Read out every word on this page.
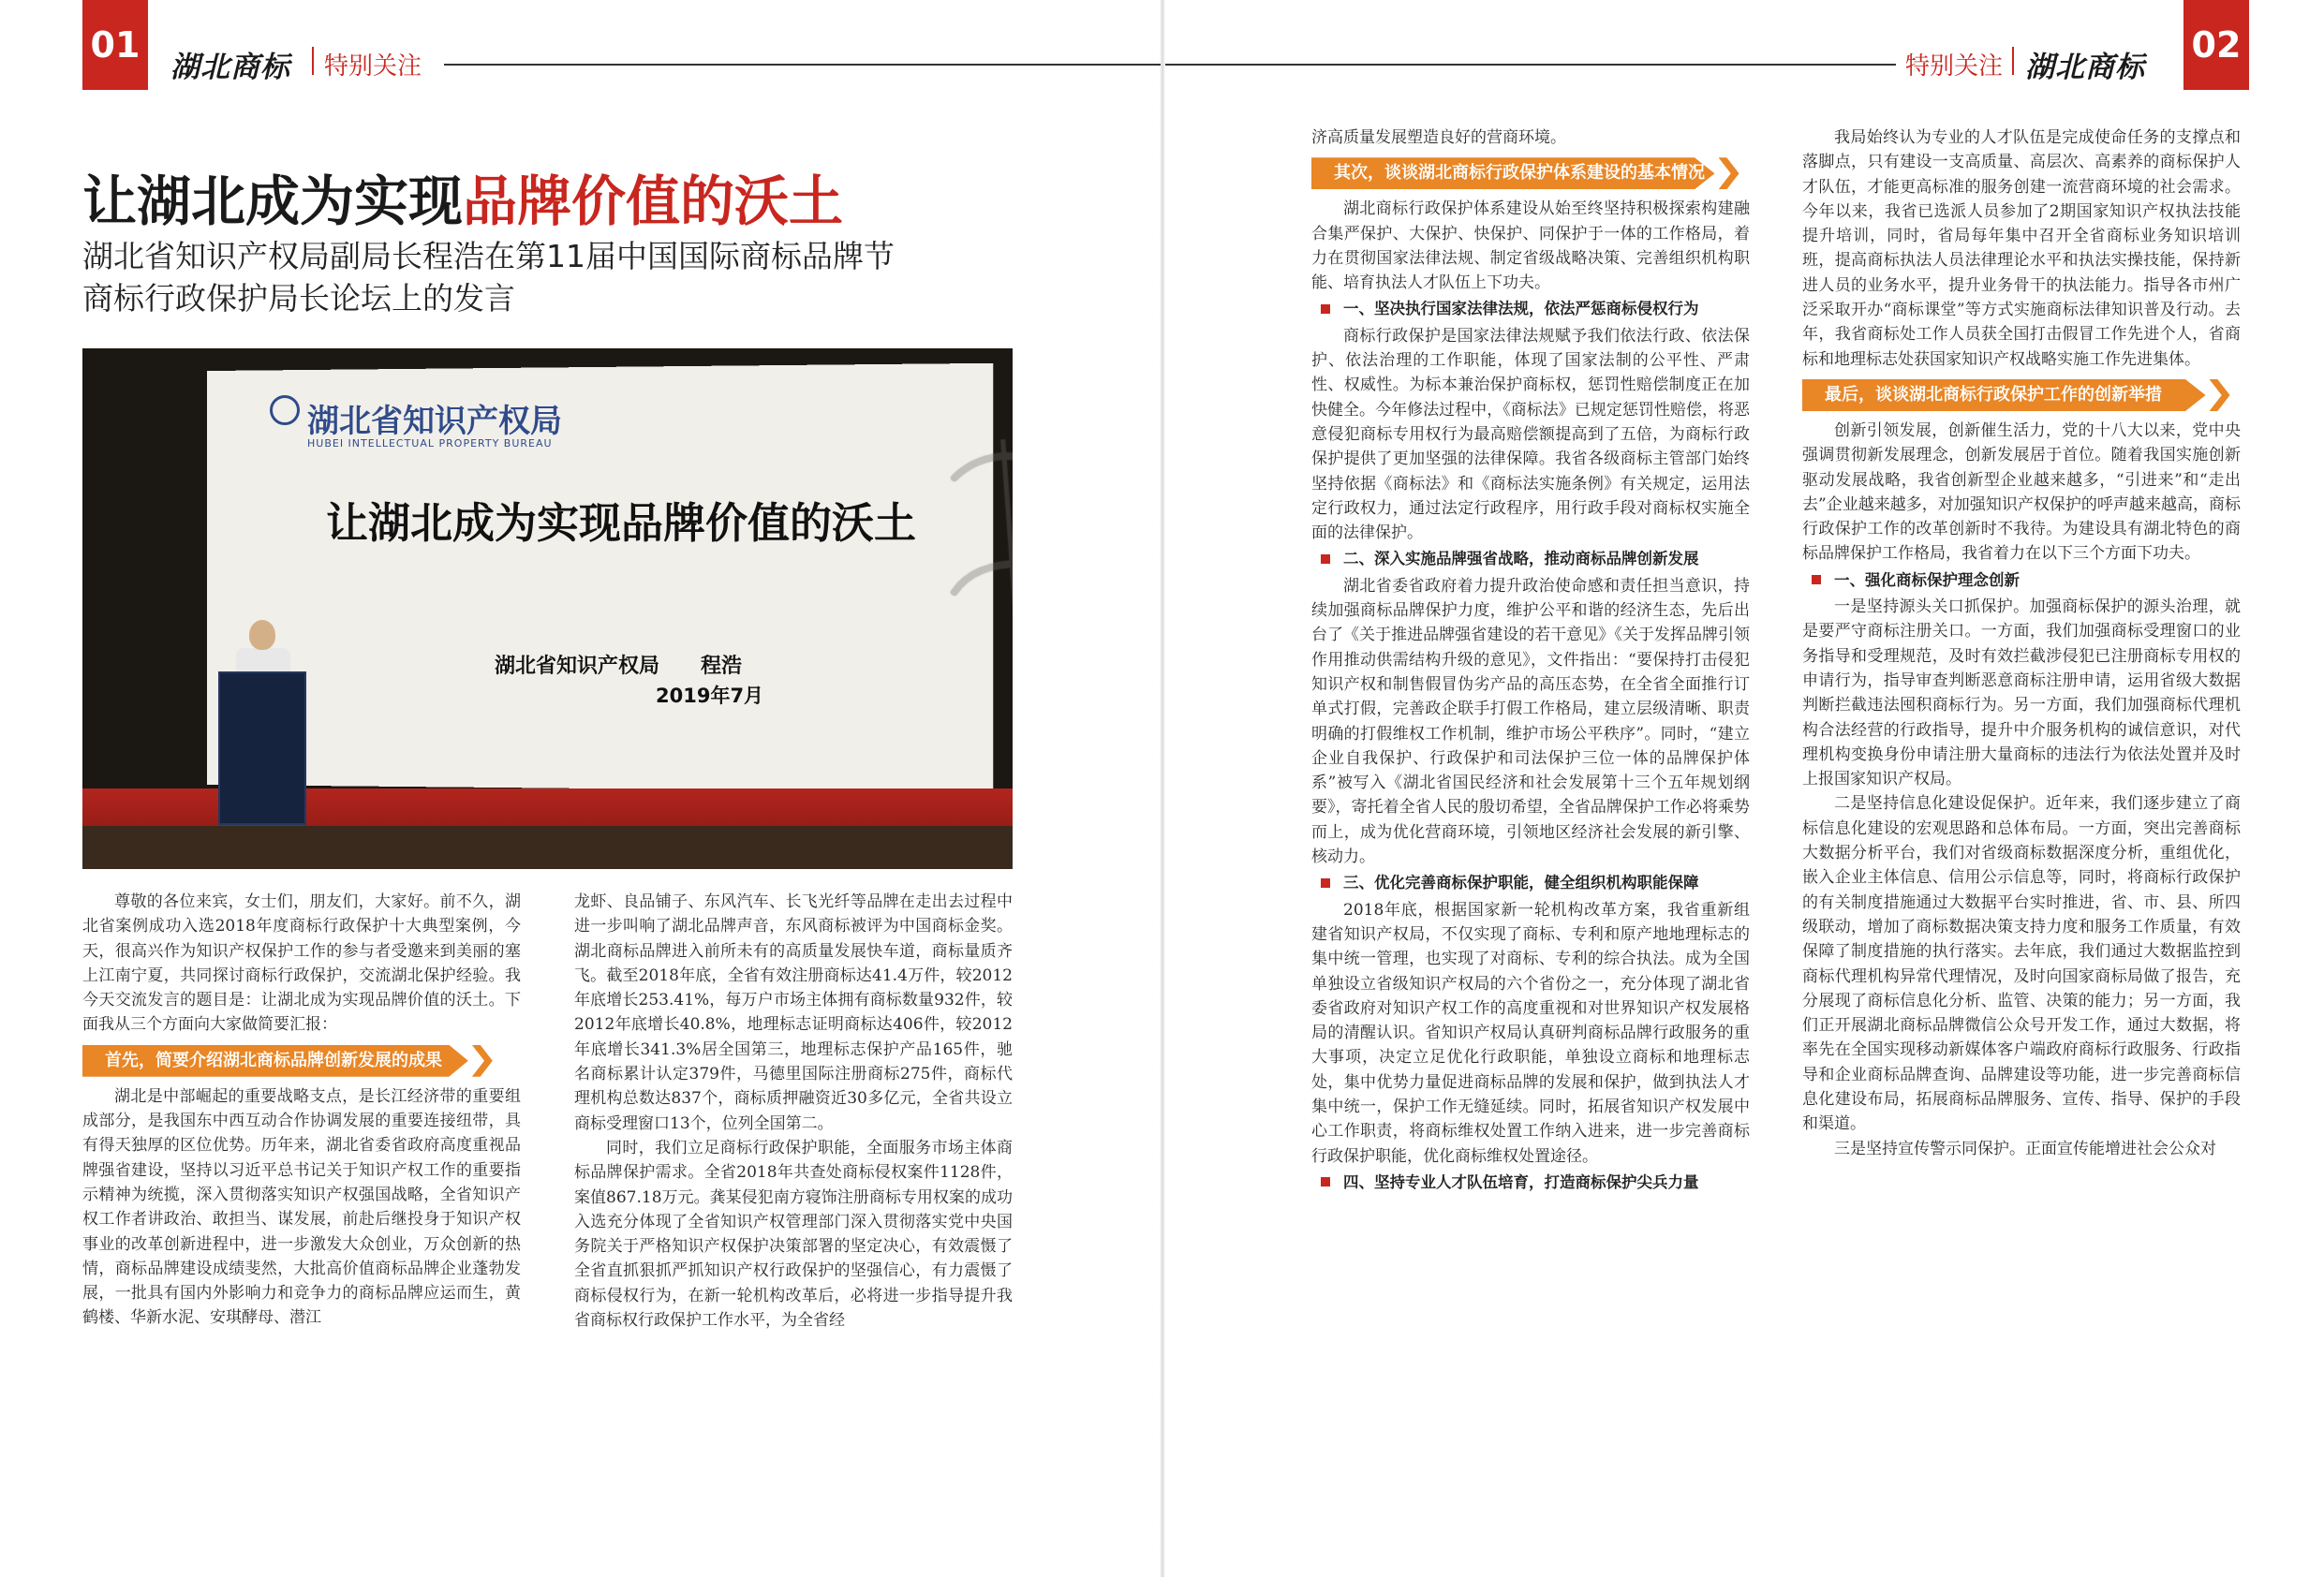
01
湖北商标 特别关注	特别关注 湖北商标
02
让湖北成为实现品牌价值的沃土
湖北省知识产权局副局长程浩在第11届中国国际商标品牌节
商标行政保护局长论坛上的发言
湖北省知识产权局
HUBEI INTELLECTUAL PROPERTY BUREAU
让湖北成为实现品牌价值的沃土
湖北省知识产权局　　程浩
2019年7月

尊敬的各位来宾，女士们，朋友们，大家好。前不久，湖北省案例成功入选2018年度商标行政保护十大典型案例，今天，很高兴作为知识产权保护工作的参与者受邀来到美丽的塞上江南宁夏，共同探讨商标行政保护，交流湖北保护经验。我今天交流发言的题目是：让湖北成为实现品牌价值的沃土。下面我从三个方面向大家做简要汇报：

首先，简要介绍湖北商标品牌创新发展的成果

湖北是中部崛起的重要战略支点，是长江经济带的重要组成部分，是我国东中西互动合作协调发展的重要连接纽带，具有得天独厚的区位优势。历年来，湖北省委省政府高度重视品牌强省建设，坚持以习近平总书记关于知识产权工作的重要指示精神为统揽，深入贯彻落实知识产权强国战略，全省知识产权工作者讲政治、敢担当、谋发展，前赴后继投身于知识产权事业的改革创新进程中，进一步激发大众创业，万众创新的热情，商标品牌建设成绩斐然，大批高价值商标品牌企业蓬勃发展，一批具有国内外影响力和竞争力的商标品牌应运而生，黄鹤楼、华新水泥、安琪酵母、潜江

龙虾、良品铺子、东风汽车、长飞光纤等品牌在走出去过程中进一步叫响了湖北品牌声音，东风商标被评为中国商标金奖。湖北商标品牌进入前所未有的高质量发展快车道，商标量质齐飞。截至2018年底，全省有效注册商标达41.4万件，较2012年底增长253.41%，每万户市场主体拥有商标数量932件，较2012年底增长40.8%，地理标志证明商标达406件，较2012年底增长341.3%居全国第三，地理标志保护产品165件，驰名商标累计认定379件，马德里国际注册商标275件，商标代理机构总数达837个，商标质押融资近30多亿元，全省共设立商标受理窗口13个，位列全国第二。

同时，我们立足商标行政保护职能，全面服务市场主体商标品牌保护需求。全省2018年共查处商标侵权案件1128件，案值867.18万元。龚某侵犯南方寝饰注册商标专用权案的成功入选充分体现了全省知识产权管理部门深入贯彻落实党中央国务院关于严格知识产权保护决策部署的坚定决心，有效震慑了全省直抓狠抓严抓知识产权行政保护的坚强信心，有力震慑了商标侵权行为，在新一轮机构改革后，必将进一步指导提升我省商标权行政保护工作水平，为全省经

济高质量发展塑造良好的营商环境。

其次，谈谈湖北商标行政保护体系建设的基本情况

湖北商标行政保护体系建设从始至终坚持积极探索构建融合集严保护、大保护、快保护、同保护于一体的工作格局，着力在贯彻国家法律法规、制定省级战略决策、完善组织机构职能、培育执法人才队伍上下功夫。

一、坚决执行国家法律法规，依法严惩商标侵权行为

商标行政保护是国家法律法规赋予我们依法行政、依法保护、依法治理的工作职能，体现了国家法制的公平性、严肃性、权威性。为标本兼治保护商标权，惩罚性赔偿制度正在加快健全。今年修法过程中，《商标法》已规定惩罚性赔偿，将恶意侵犯商标专用权行为最高赔偿额提高到了五倍，为商标行政保护提供了更加坚强的法律保障。我省各级商标主管部门始终坚持依据《商标法》和《商标法实施条例》有关规定，运用法定行政权力，通过法定行政程序，用行政手段对商标权实施全面的法律保护。

二、深入实施品牌强省战略，推动商标品牌创新发展

湖北省委省政府着力提升政治使命感和责任担当意识，持续加强商标品牌保护力度，维护公平和谐的经济生态，先后出台了《关于推进品牌强省建设的若干意见》《关于发挥品牌引领作用推动供需结构升级的意见》，文件指出：“要保持打击侵犯知识产权和制售假冒伪劣产品的高压态势，在全省全面推行订单式打假，完善政企联手打假工作格局，建立层级清晰、职责明确的打假维权工作机制，维护市场公平秩序”。同时，“建立企业自我保护、行政保护和司法保护三位一体的品牌保护体系”被写入《湖北省国民经济和社会发展第十三个五年规划纲要》，寄托着全省人民的殷切希望，全省品牌保护工作必将乘势而上，成为优化营商环境，引领地区经济社会发展的新引擎、核动力。

三、优化完善商标保护职能，健全组织机构职能保障

2018年底，根据国家新一轮机构改革方案，我省重新组建省知识产权局，不仅实现了商标、专利和原产地地理标志的集中统一管理，也实现了对商标、专利的综合执法。成为全国单独设立省级知识产权局的六个省份之一，充分体现了湖北省委省政府对知识产权工作的高度重视和对世界知识产权发展格局的清醒认识。省知识产权局认真研判商标品牌行政服务的重大事项，决定立足优化行政职能，单独设立商标和地理标志处，集中优势力量促进商标品牌的发展和保护，做到执法人才集中统一，保护工作无缝延续。同时，拓展省知识产权发展中心工作职责，将商标维权处置工作纳入进来，进一步完善商标行政保护职能，优化商标维权处置途径。

四、坚持专业人才队伍培育，打造商标保护尖兵力量

我局始终认为专业的人才队伍是完成使命任务的支撑点和落脚点，只有建设一支高质量、高层次、高素养的商标保护人才队伍，才能更高标准的服务创建一流营商环境的社会需求。今年以来，我省已选派人员参加了2期国家知识产权执法技能提升培训，同时，省局每年集中召开全省商标业务知识培训班，提高商标执法人员法律理论水平和执法实操技能，保持新进人员的业务水平，提升业务骨干的执法能力。指导各市州广泛采取开办“商标课堂”等方式实施商标法律知识普及行动。去年，我省商标处工作人员获全国打击假冒工作先进个人，省商标和地理标志处获国家知识产权战略实施工作先进集体。

最后，谈谈湖北商标行政保护工作的创新举措

创新引领发展，创新催生活力，党的十八大以来，党中央强调贯彻新发展理念，创新发展居于首位。随着我国实施创新驱动发展战略，我省创新型企业越来越多，“引进来”和“走出去”企业越来越多，对加强知识产权保护的呼声越来越高，商标行政保护工作的改革创新时不我待。为建设具有湖北特色的商标品牌保护工作格局，我省着力在以下三个方面下功夫。

一、强化商标保护理念创新

一是坚持源头关口抓保护。加强商标保护的源头治理，就是要严守商标注册关口。一方面，我们加强商标受理窗口的业务指导和受理规范，及时有效拦截涉侵犯已注册商标专用权的申请行为，指导审查判断恶意商标注册申请，运用省级大数据判断拦截违法囤积商标行为。另一方面，我们加强商标代理机构合法经营的行政指导，提升中介服务机构的诚信意识，对代理机构变换身份申请注册大量商标的违法行为依法处置并及时上报国家知识产权局。

二是坚持信息化建设促保护。近年来，我们逐步建立了商标信息化建设的宏观思路和总体布局。一方面，突出完善商标大数据分析平台，我们对省级商标数据深度分析，重组优化，嵌入企业主体信息、信用公示信息等，同时，将商标行政保护的有关制度措施通过大数据平台实时推进，省、市、县、所四级联动，增加了商标数据决策支持力度和服务工作质量，有效保障了制度措施的执行落实。去年底，我们通过大数据监控到商标代理机构异常代理情况，及时向国家商标局做了报告，充分展现了商标信息化分析、监管、决策的能力；另一方面，我们正开展湖北商标品牌微信公众号开发工作，通过大数据，将率先在全国实现移动新媒体客户端政府商标行政服务、行政指导和企业商标品牌查询、品牌建设等功能，进一步完善商标信息化建设布局，拓展商标品牌服务、宣传、指导、保护的手段和渠道。

三是坚持宣传警示同保护。正面宣传能增进社会公众对
